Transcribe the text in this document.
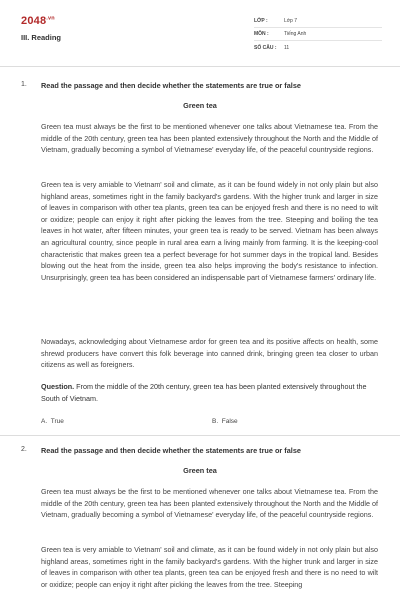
$2048^{.vn}$
III. Reading
LỚP :	Lớp 7
MÔN :	Tiếng Anh
SỐ CÂU : 11
1. Read the passage and then decide whether the statements are true or false
Green tea
Green tea must always be the first to be mentioned whenever one talks about Vietnamese tea. From the middle of the 20th century, green tea has been planted extensively throughout the North and the Middle of Vietnam, gradually becoming a symbol of Vietnamese' everyday life, of the peaceful countryside regions.
Green tea is very amiable to Vietnam' soil and climate, as it can be found widely in not only plain but also highland areas, sometimes right in the family backyard's gardens. With the higher trunk and larger in size of leaves in comparison with other tea plants, green tea can be enjoyed fresh and there is no need to wilt or oxidize; people can enjoy it right after picking the leaves from the tree. Steeping and boiling the tea leaves in hot water, after fifteen minutes, your green tea is ready to be served. Vietnam has been always an agricultural country, since people in rural area earn a living mainly from farming. It is the keeping-cool characteristic that makes green tea a perfect beverage for hot summer days in the tropical land. Besides blowing out the heat from the inside, green tea also helps improving the body's resistance to infection. Unsurprisingly, green tea has been considered an indispensable part of Vietnamese farmers' ordinary life.
Nowadays, acknowledging about Vietnamese ardor for green tea and its positive affects on health, some shrewd producers have convert this folk beverage into canned drink, bringing green tea closer to urban citizens as well as foreigners.
Question. From the middle of the 20th century, green tea has been planted extensively throughout the South of Vietnam.
A. True	B. False
2. Read the passage and then decide whether the statements are true or false
Green tea
Green tea must always be the first to be mentioned whenever one talks about Vietnamese tea. From the middle of the 20th century, green tea has been planted extensively throughout the North and the Middle of Vietnam, gradually becoming a symbol of Vietnamese' everyday life, of the peaceful countryside regions.
Green tea is very amiable to Vietnam' soil and climate, as it can be found widely in not only plain but also highland areas, sometimes right in the family backyard's gardens. With the higher trunk and larger in size of leaves in comparison with other tea plants, green tea can be enjoyed fresh and there is no need to wilt or oxidize; people can enjoy it right after picking the leaves from the tree. Steeping
